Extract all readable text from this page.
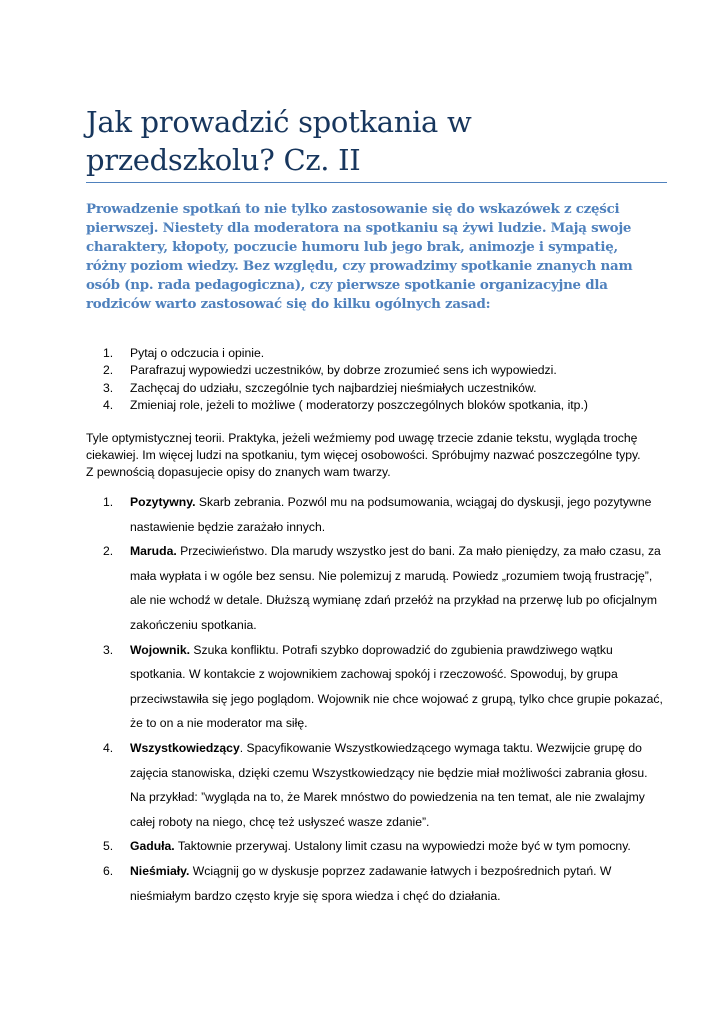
Jak prowadzić spotkania w przedszkolu? Cz. II

Prowadzenie spotkań to nie tylko zastosowanie się do wskazówek z części pierwszej. Niestety dla moderatora na spotkaniu są żywi ludzie. Mają swoje charaktery, kłopoty, poczucie humoru lub jego brak, animozje i sympatię, różny poziom wiedzy. Bez względu, czy prowadzimy spotkanie znanych nam osób (np. rada pedagogiczna), czy pierwsze spotkanie organizacyjne dla rodziców warto zastosować się do kilku ogólnych zasad:

1. Pytaj o odczucia i opinie.
2. Parafrazuj wypowiedzi uczestników, by dobrze zrozumieć sens ich wypowiedzi.
3. Zachęcaj do udziału, szczególnie tych najbardziej nieśmiałych uczestników.
4. Zmieniaj role, jeżeli to możliwe ( moderatorzy poszczególnych bloków spotkania, itp.)

Tyle optymistycznej teorii. Praktyka, jeżeli weźmiemy pod uwagę trzecie zdanie tekstu, wygląda trochę ciekawiej. Im więcej ludzi na spotkaniu, tym więcej osobowości. Spróbujmy nazwać poszczególne typy. Z pewnością dopasujecie opisy do znanych wam twarzy.

1. Pozytywny. Skarb zebrania. Pozwól mu na podsumowania, wciągaj do dyskusji, jego pozytywne nastawienie będzie zarażało innych.
2. Maruda. Przeciwieństwo. Dla marudy wszystko jest do bani. Za mało pieniędzy, za mało czasu, za mała wypłata i w ogóle bez sensu. Nie polemizuj z marudą. Powiedz „rozumiem twoją frustrację”, ale nie wchodź w detale. Dłuższą wymianę zdań przełóż na przykład na przerwę lub po oficjalnym zakończeniu spotkania.
3. Wojownik. Szuka konfliktu. Potrafi szybko doprowadzić do zgubienia prawdziwego wątku spotkania. W kontakcie z wojownikiem zachowaj spokój i rzeczowość. Spowoduj, by grupa przeciwstawiła się jego poglądom. Wojownik nie chce wojować z grupą, tylko chce grupie pokazać, że to on a nie moderator ma siłę.
4. Wszystkowiedzący. Spacyfikowanie Wszystkowiedzącego wymaga taktu. Wezwijcie grupę do zajęcia stanowiska, dzięki czemu Wszystkowiedzący nie będzie miał możliwości zabrania głosu. Na przykład: ”wygląda na to, że Marek mnóstwo do powiedzenia na ten temat, ale nie zwalajmy całej roboty na niego, chcę też usłyszeć wasze zdanie”.
5. Gaduła. Taktownie przerywaj. Ustalony limit czasu na wypowiedzi może być w tym pomocny.
6. Nieśmiały. Wciągnij go w dyskusje poprzez zadawanie łatwych i bezpośrednich pytań. W nieśmiałym bardzo często kryje się spora wiedza i chęć do działania.
